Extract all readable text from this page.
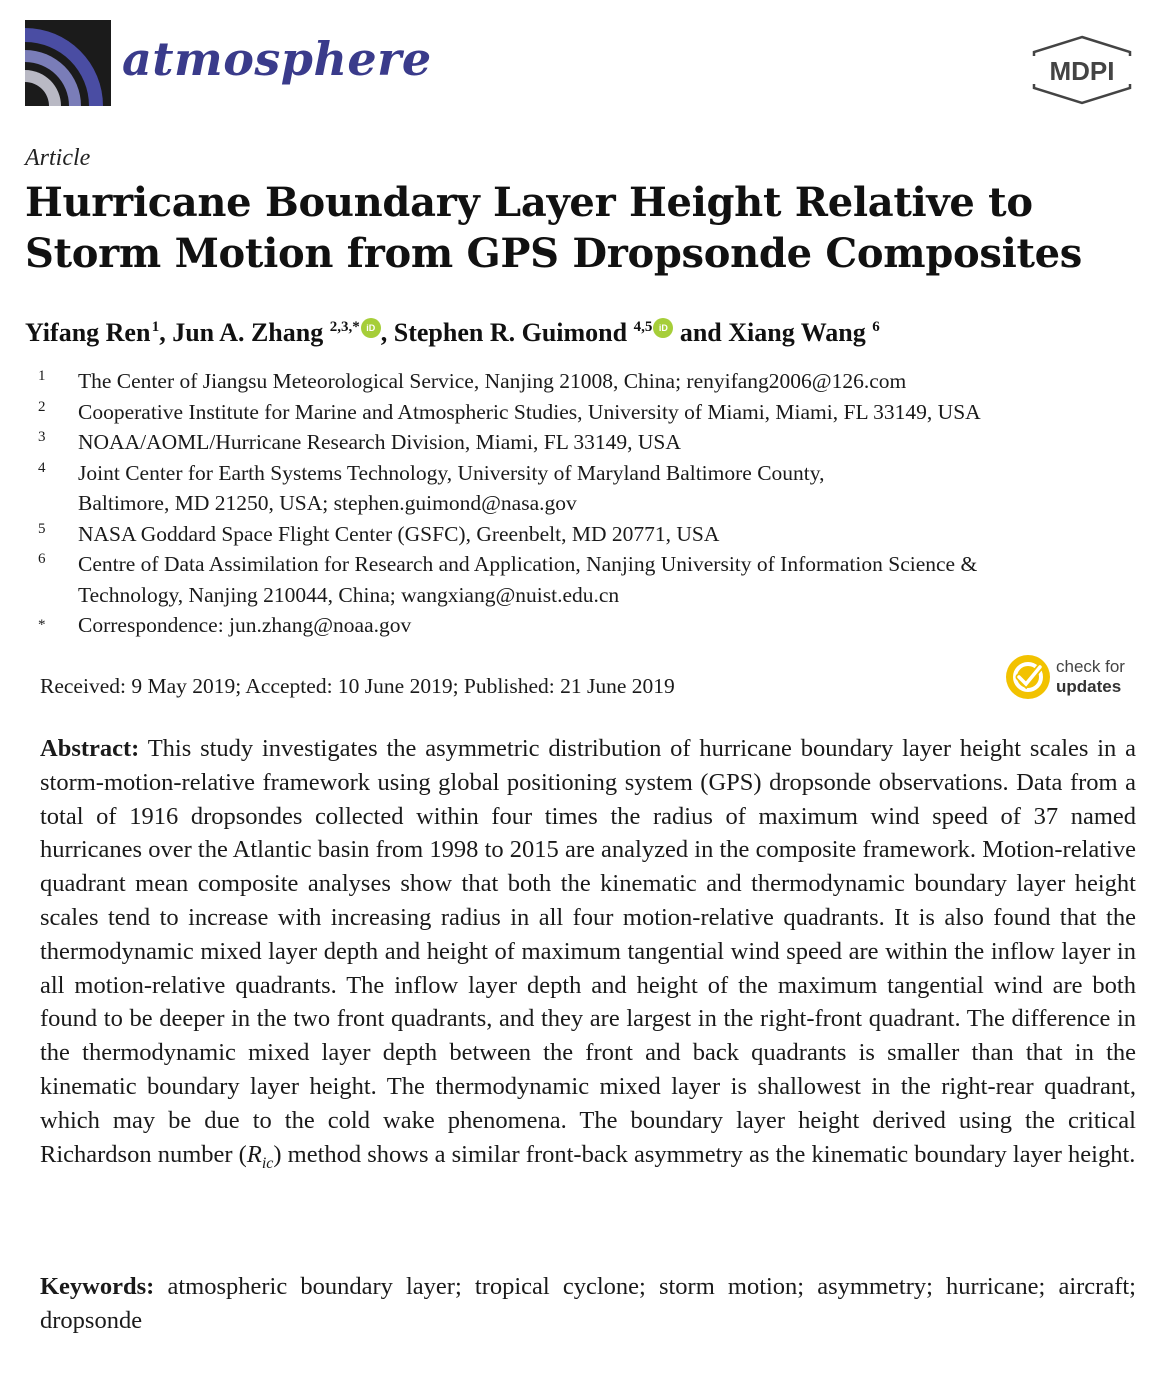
atmosphere	MDPI
Article
Hurricane Boundary Layer Height Relative to Storm Motion from GPS Dropsonde Composites
Yifang Ren $^1$, Jun A. Zhang $^{2,3,*}$ iD , Stephen R. Guimond $^{4,5}$ iD and Xiang Wang $^6$
1 The Center of Jiangsu Meteorological Service, Nanjing 21008, China; renyifang2006@126.com
2 Cooperative Institute for Marine and Atmospheric Studies, University of Miami, Miami, FL 33149, USA
3 NOAA/AOML/Hurricane Research Division, Miami, FL 33149, USA
4 Joint Center for Earth Systems Technology, University of Maryland Baltimore County,
Baltimore, MD 21250, USA; stephen.guimond@nasa.gov
5 NASA Goddard Space Flight Center (GSFC), Greenbelt, MD 20771, USA
6 Centre of Data Assimilation for Research and Application, Nanjing University of Information Science &
Technology, Nanjing 210044, China; wangxiang@nuist.edu.cn
* Correspondence: jun.zhang@noaa.gov
Received: 9 May 2019; Accepted: 10 June 2019; Published: 21 June 2019
check for
updates
Abstract: This study investigates the asymmetric distribution of hurricane boundary layer height scales in a storm-motion-relative framework using global positioning system (GPS) dropsonde observations. Data from a total of 1916 dropsondes collected within four times the radius of maximum wind speed of 37 named hurricanes over the Atlantic basin from 1998 to 2015 are analyzed in the composite framework. Motion-relative quadrant mean composite analyses show that both the kinematic and thermodynamic boundary layer height scales tend to increase with increasing radius in all four motion-relative quadrants. It is also found that the thermodynamic mixed layer depth and height of maximum tangential wind speed are within the inflow layer in all motion-relative quadrants. The inflow layer depth and height of the maximum tangential wind are both found to be deeper in the two front quadrants, and they are largest in the right-front quadrant. The difference in the thermodynamic mixed layer depth between the front and back quadrants is smaller than that in the kinematic boundary layer height. The thermodynamic mixed layer is shallowest in the right-rear quadrant, which may be due to the cold wake phenomena. The boundary layer height derived using the critical Richardson number $(R_{ic})$ method shows a similar front-back asymmetry as the kinematic boundary layer height.
Keywords: atmospheric boundary layer; tropical cyclone; storm motion; asymmetry; hurricane; aircraft; dropsonde
